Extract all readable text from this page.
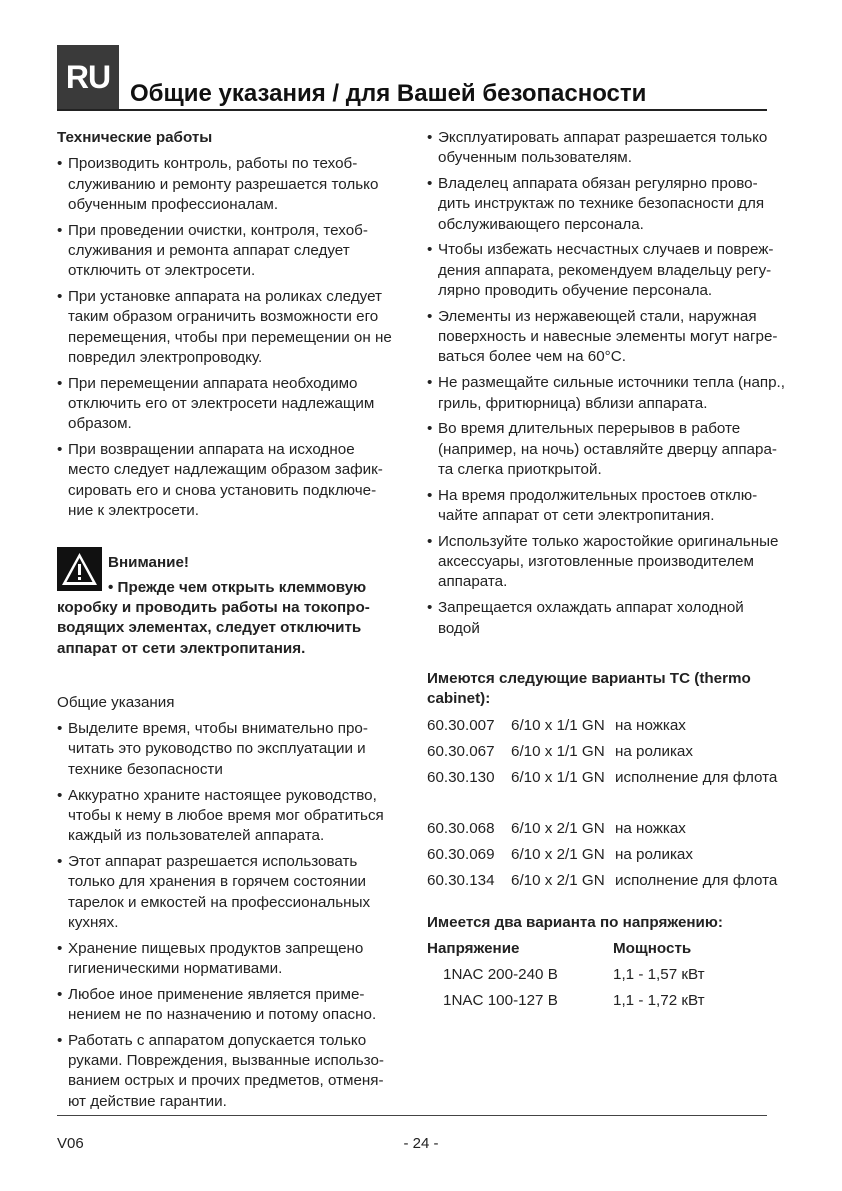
RU Общие указания / для Вашей безопасности
Технические работы
• Производить контроль, работы по техоб-служиванию и ремонту разрешается только обученным профессионалам.
• При проведении очистки, контроля, техоб-служивания и ремонта аппарат следует отключить от электросети.
• При установке аппарата на роликах следует таким образом ограничить возможности его перемещения, чтобы при перемещении он не повредил электропроводку.
• При перемещении аппарата необходимо отключить его от электросети надлежащим образом.
• При возвращении аппарата на исходное место следует надлежащим образом зафик-сировать его и снова установить подключе-ние к электросети.
Внимание!
• Прежде чем открыть клеммовую коробку и проводить работы на токопро-водящих элементах, следует отключить аппарат от сети электропитания.
Общие указания
• Выделите время, чтобы внимательно про-читать это руководство по эксплуатации и технике безопасности
• Аккуратно храните настоящее руководство, чтобы к нему в любое время мог обратиться каждый из пользователей аппарата.
• Этот аппарат разрешается использовать только для хранения в горячем состоянии тарелок и емкостей на профессиональных кухнях.
• Хранение пищевых продуктов запрещено гигиеническими нормативами.
• Любое иное применение является приме-нением не по назначению и потому опасно.
• Работать с аппаратом допускается только руками. Повреждения, вызванные использо-ванием острых и прочих предметов, отменя-ют действие гарантии.
• Эксплуатировать аппарат разрешается только обученным пользователям.
• Владелец аппарата обязан регулярно прово-дить инструктаж по технике безопасности для обслуживающего персонала.
• Чтобы избежать несчастных случаев и повреж-дения аппарата, рекомендуем владельцу регу-лярно проводить обучение персонала.
• Элементы из нержавеющей стали, наружная поверхность и навесные элементы могут нагре-ваться более чем на 60°С.
• Не размещайте сильные источники тепла (напр., гриль, фритюрница) вблизи аппарата.
• Во время длительных перерывов в работе (например, на ночь) оставляйте дверцу аппара-та слегка приоткрытой.
• На время продолжительных простоев отклю-чайте аппарат от сети электропитания.
• Используйте только жаростойкие оригинальные аксессуары, изготовленные производителем аппарата.
• Запрещается охлаждать аппарат холодной водой
Имеются следующие варианты TC (thermo cabinet):
60.30.007	6/10 x 1/1 GN	на ножках
60.30.067	6/10 x 1/1 GN	на роликах
60.30.130	6/10 x 1/1 GN	исполнение для флота

60.30.068	6/10 x 2/1 GN	на ножках
60.30.069	6/10 x 2/1 GN	на роликах
60.30.134	6/10 x 2/1 GN	исполнение для флота
Имеется два варианта по напряжению:
Напряжение	Мощность
1NAC 200-240 В	1,1 - 1,57 кВт
1NAC 100-127 В	1,1 - 1,72 кВт
V06	- 24 -
